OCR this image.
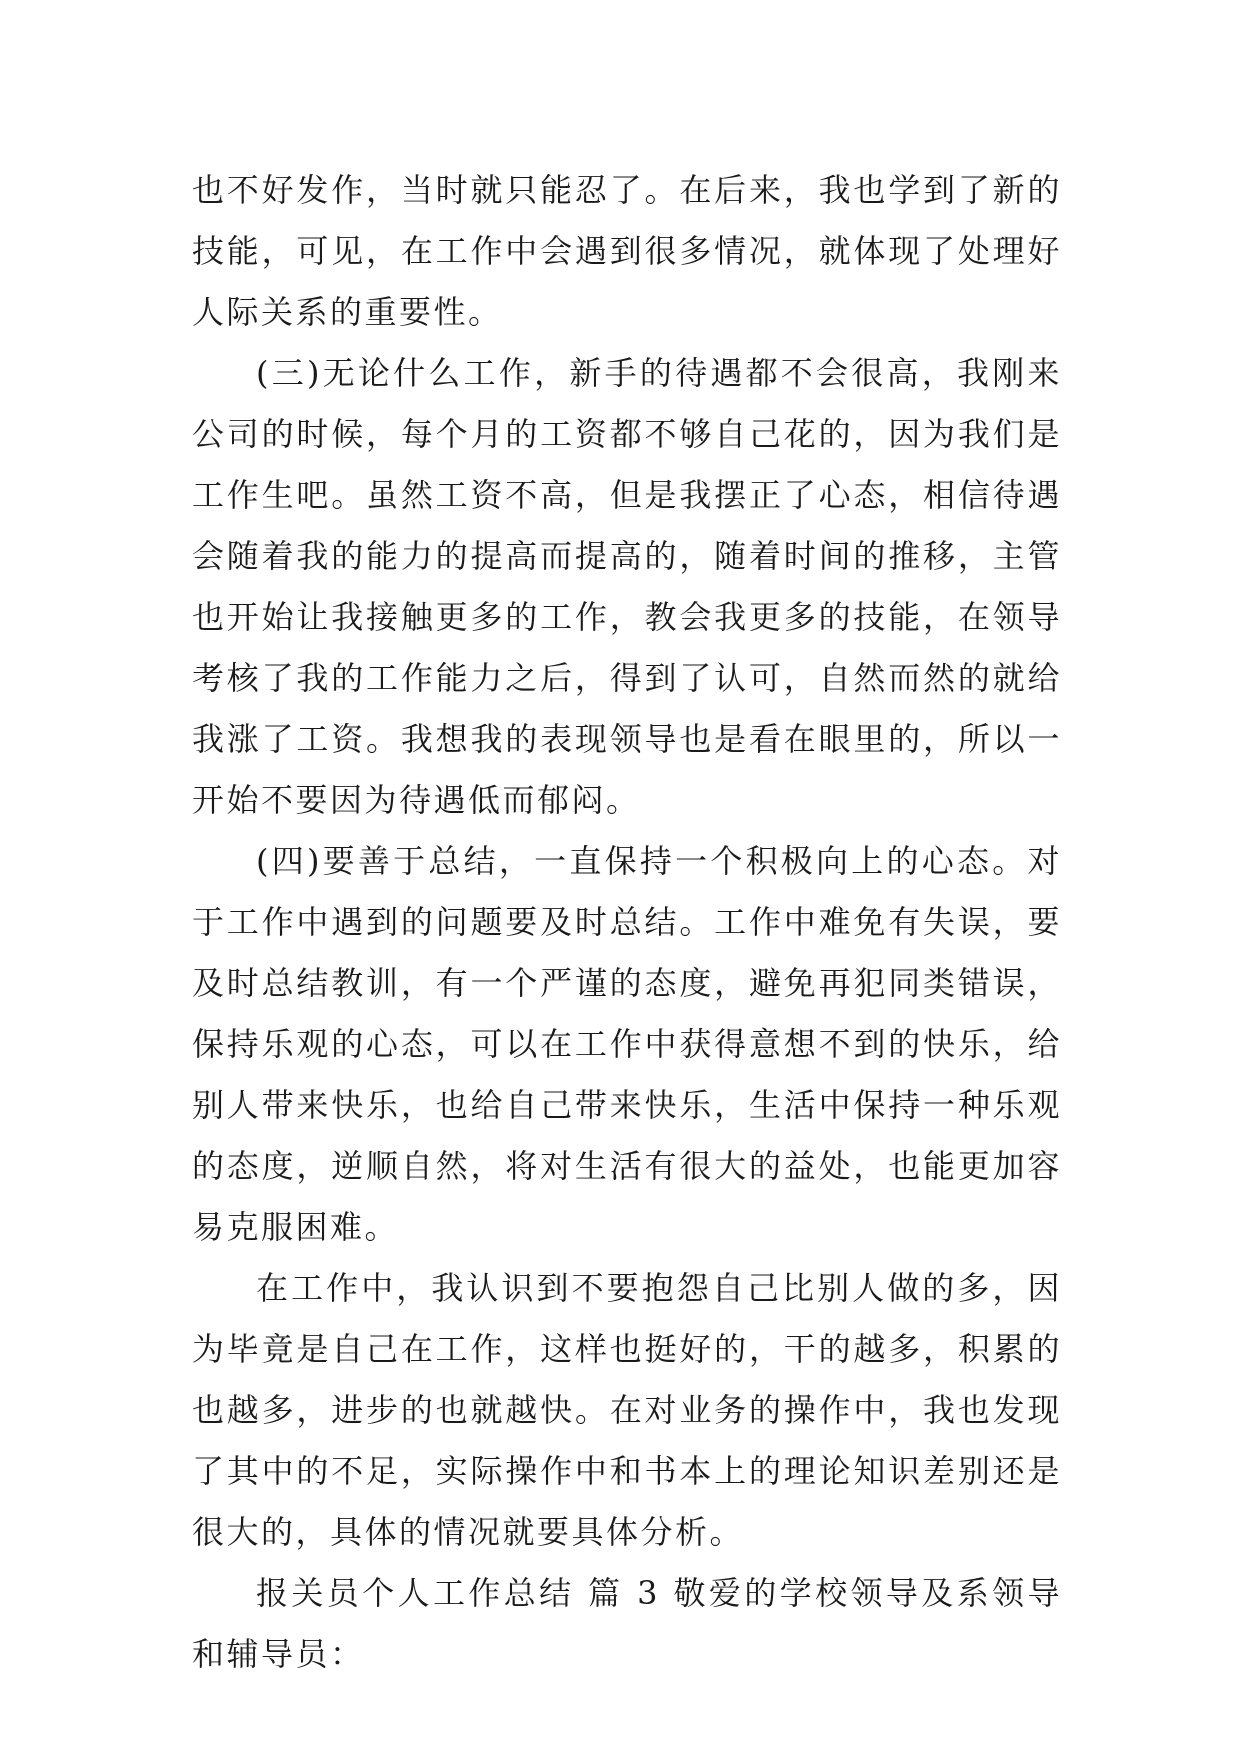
也不好发作，当时就只能忍了。在后来，我也学到了新的技能，可见，在工作中会遇到很多情况，就体现了处理好人际关系的重要性。

(三)无论什么工作，新手的待遇都不会很高，我刚来公司的时候，每个月的工资都不够自己花的，因为我们是工作生吧。虽然工资不高，但是我摆正了心态，相信待遇会随着我的能力的提高而提高的，随着时间的推移，主管也开始让我接触更多的工作，教会我更多的技能，在领导考核了我的工作能力之后，得到了认可，自然而然的就给我涨了工资。我想我的表现领导也是看在眼里的，所以一开始不要因为待遇低而郁闷。

(四)要善于总结，一直保持一个积极向上的心态。对于工作中遇到的问题要及时总结。工作中难免有失误，要及时总结教训，有一个严谨的态度，避免再犯同类错误，保持乐观的心态，可以在工作中获得意想不到的快乐，给别人带来快乐，也给自己带来快乐，生活中保持一种乐观的态度，逆顺自然，将对生活有很大的益处，也能更加容易克服困难。

在工作中，我认识到不要抱怨自己比别人做的多，因为毕竟是自己在工作，这样也挺好的，干的越多，积累的也越多，进步的也就越快。在对业务的操作中，我也发现了其中的不足，实际操作中和书本上的理论知识差别还是很大的，具体的情况就要具体分析。

报关员个人工作总结 篇 3 敬爱的学校领导及系领导和辅导员：
